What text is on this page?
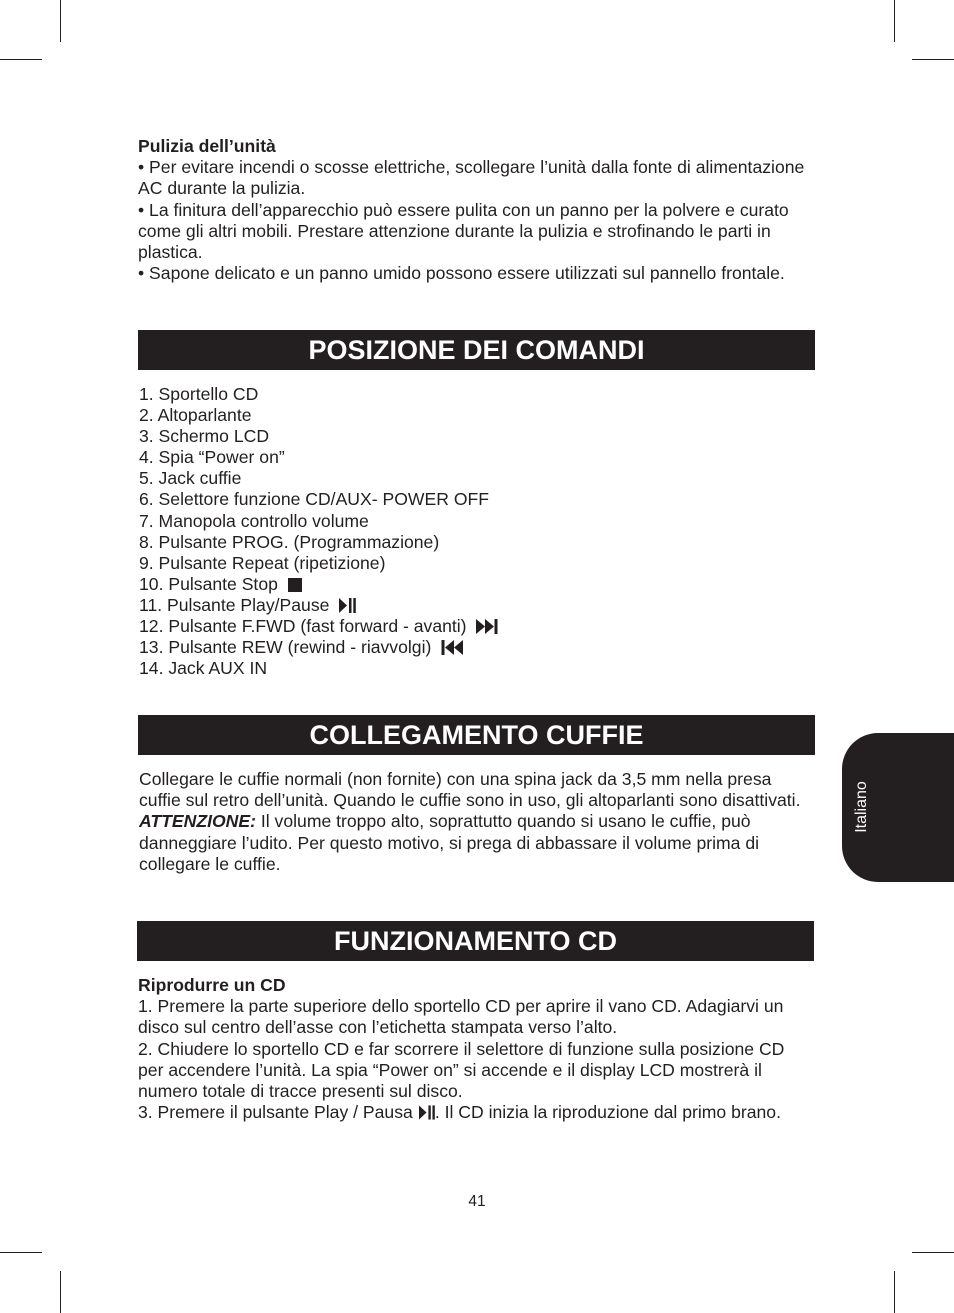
Pulizia dell’unità

• Per evitare incendi o scosse elettriche, scollegare l’unità dalla fonte di alimentazione AC durante la pulizia.

• La finitura dell’apparecchio può essere pulita con un panno per la polvere e curato come gli altri mobili. Prestare attenzione durante la pulizia e strofinando le parti in plastica.

• Sapone delicato e un panno umido possono essere utilizzati sul pannello frontale.

POSIZIONE DEI COMANDI
1. Sportello CD
2. Altoparlante
3. Schermo LCD
4. Spia “Power on”
5. Jack cuffie
6. Selettore funzione CD/AUX- POWER OFF
7. Manopola controllo volume
8. Pulsante PROG. (Programmazione)
9. Pulsante Repeat (ripetizione)
10. Pulsante Stop
11. Pulsante Play/Pause
12. Pulsante F.FWD (fast forward - avanti)
13. Pulsante REW (rewind - riavvolgi)
14. Jack AUX IN
COLLEGAMENTO CUFFIE

Collegare le cuffie normali (non fornite) con una spina jack da 3,5 mm nella presa cuffie sul retro dell’unità. Quando le cuffie sono in uso, gli altoparlanti sono disattivati.

ATTENZIONE: Il volume troppo alto, soprattutto quando si usano le cuffie, può danneggiare l’udito. Per questo motivo, si prega di abbassare il volume prima di collegare le cuffie.

FUNZIONAMENTO CD

Riprodurre un CD

1. Premere la parte superiore dello sportello CD per aprire il vano CD. Adagiarvi un disco sul centro dell’asse con l’etichetta stampata verso l’alto.

2. Chiudere lo sportello CD e far scorrere il selettore di funzione sulla posizione CD per accendere l’unità. La spia “Power on” si accende e il display LCD mostrerà il numero totale di tracce presenti sul disco.

3. Premere il pulsante Play / Pausa . Il CD inizia la riproduzione dal primo brano.

Italiano
41
